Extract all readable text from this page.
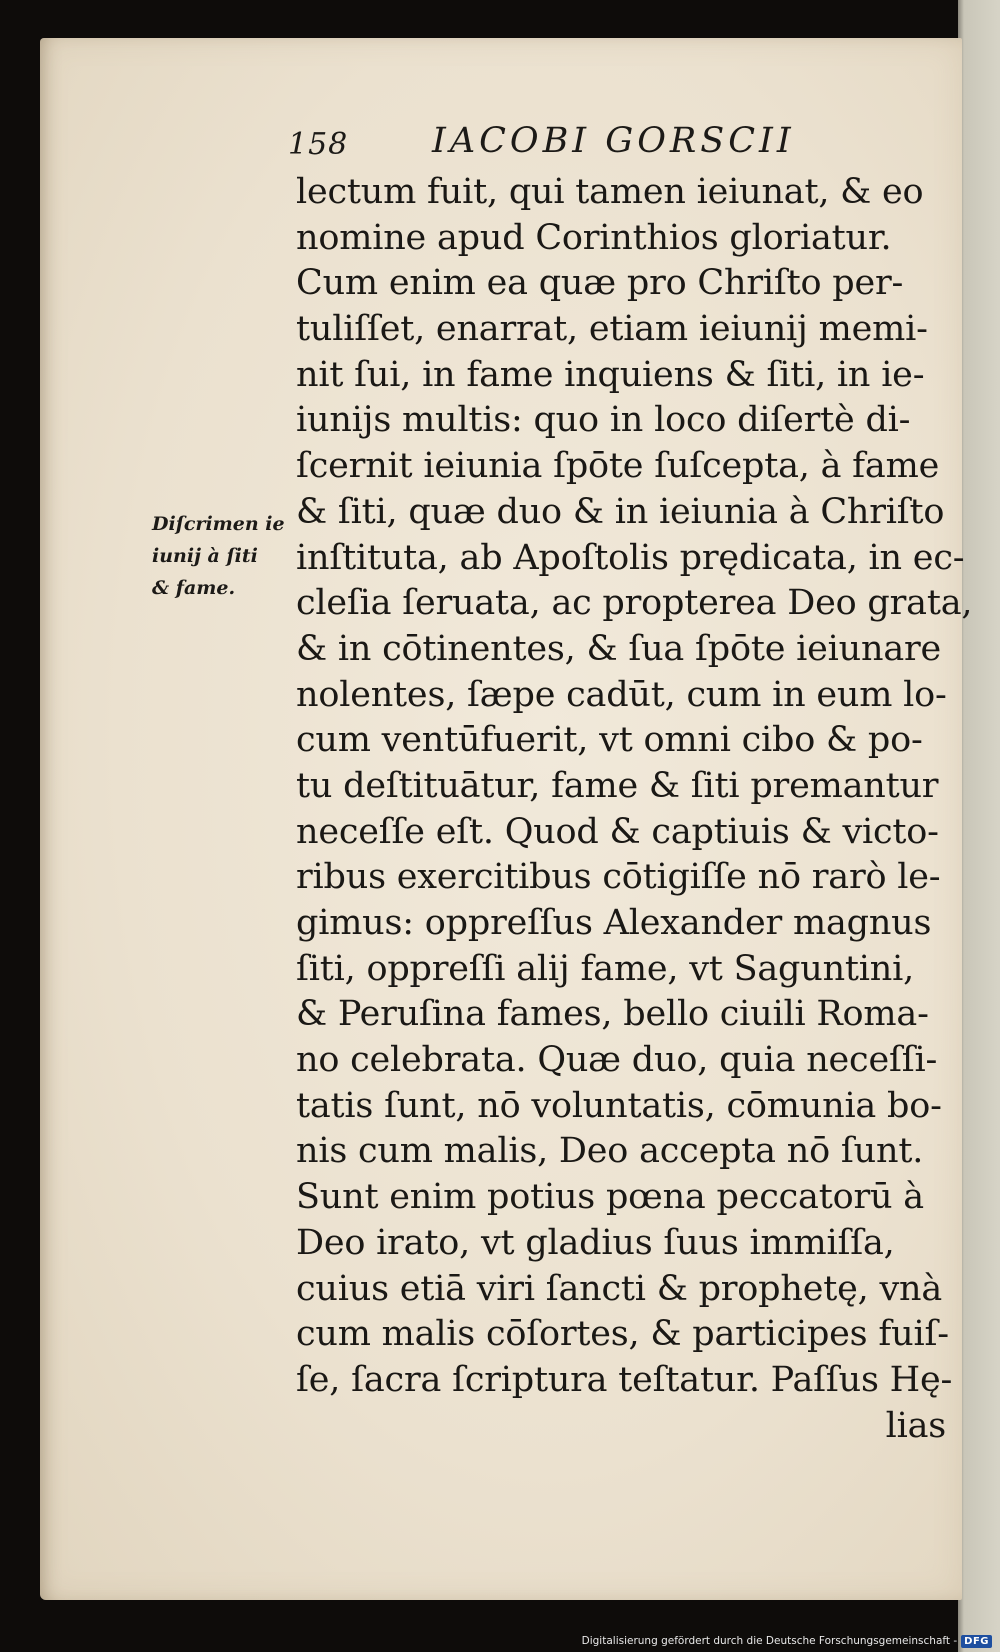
158 IACOBI GORSCII
Diſcrimen ie
iunij à ſiti
& fame.
lectum fuit, qui tamen ieiunat, & eo
nomine apud Corinthios gloriatur.
Cum enim ea quæ pro Chriſto per-
tuliſſet, enarrat, etiam ieiunij memi-
nit ſui, in fame inquiens & ſiti, in ie-
iunijs multis: quo in loco diſertè di-
ſcernit ieiunia ſpōte ſuſcepta, à fame
& ſiti, quæ duo & in ieiunia à Chriſto
inſtituta, ab Apoſtolis prędicata, in ec-
cleſia ſeruata, ac propterea Deo grata,
& in cōtinentes, & ſua ſpōte ieiunare
nolentes, ſæpe cadūt, cum in eum lo-
cum ventūfuerit, vt omni cibo & po-
tu deſtituātur, fame & ſiti premantur
neceſſe eſt. Quod & captiuis & victo-
ribus exercitibus cōtigiſſe nō rarò le-
gimus: oppreſſus Alexander magnus
ſiti, oppreſſi alij fame, vt Saguntini,
& Peruſina fames, bello ciuili Roma-
no celebrata. Quæ duo, quia neceſſi-
tatis ſunt, nō voluntatis, cōmunia bo-
nis cum malis, Deo accepta nō ſunt.
Sunt enim potius pœna peccatorū à
Deo irato, vt gladius ſuus immiſſa,
cuius etiā viri ſancti & prophetę, vnà
cum malis cōſortes, & participes fuiſ-
ſe, ſacra ſcriptura teſtatur. Paſſus Hę-
lias
Digitalisierung gefördert durch die Deutsche Forschungsgemeinschaft - DFG
